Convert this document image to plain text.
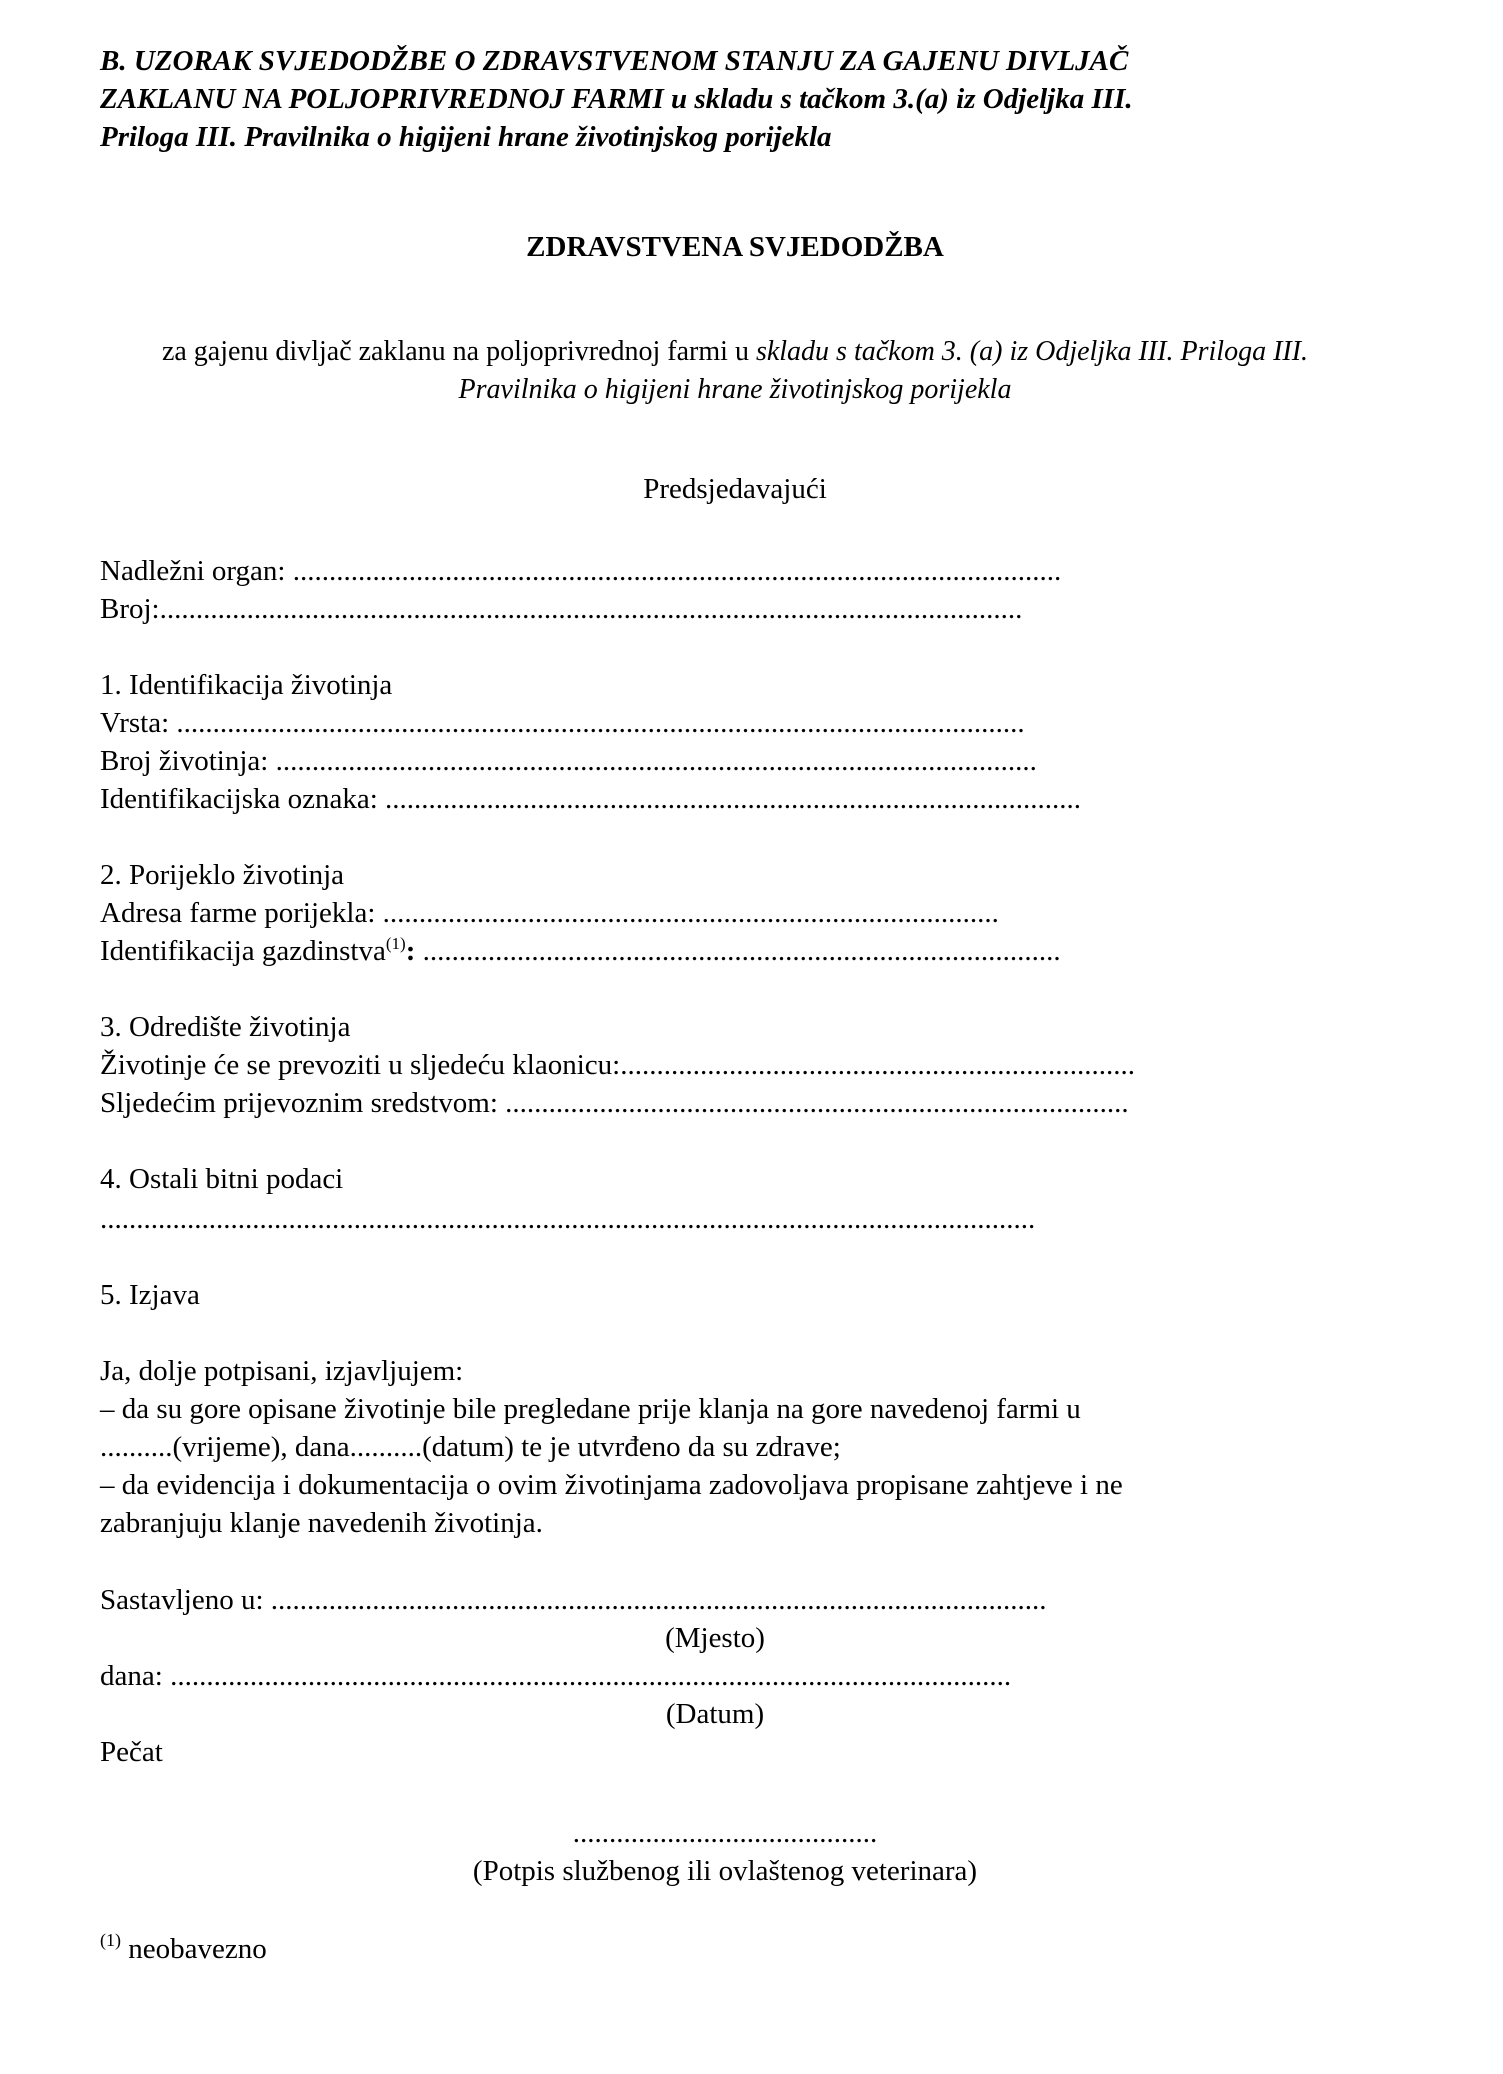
B. UZORAK SVJEDODŽBE O ZDRAVSTVENOM STANJU ZA GAJENU DIVLJAČ
ZAKLANU NA POLJOPRIVREDNOJ FARMI u skladu s tačkom 3.(a) iz Odjeljka III.
Priloga III. Pravilnika o higijeni hrane životinjskog porijekla
ZDRAVSTVENA SVJEDODŽBA
za gajenu divljač zaklanu na poljoprivrednoj farmi u skladu s tačkom 3. (a) iz Odjeljka III. Priloga III.
Pravilnika o higijeni hrane životinjskog porijekla
Predsjedavajući
Nadležni organ: ..........................................................................................................
Broj:.......................................................................................................................
1. Identifikacija životinja
Vrsta: .....................................................................................................................
Broj životinja: .........................................................................................................
Identifikacijska oznaka: ................................................................................................
2. Porijeklo životinja
Adresa farme porijekla: .....................................................................................
Identifikacija gazdinstva$^{(1)}$: ........................................................................................
3. Odredište životinja
Životinje će se prevoziti u sljedeću klaonicu:.......................................................................
Sljedećim prijevoznim sredstvom: ......................................................................................
4. Ostali bitni podaci
.................................................................................................................................
5. Izjava
Ja, dolje potpisani, izjavljujem:
– da su gore opisane životinje bile pregledane prije klanja na gore navedenoj farmi u
..........(vrijeme), dana..........(datum) te je utvrđeno da su zdrave;
– da evidencija i dokumentacija o ovim životinjama zadovoljava propisane zahtjeve i ne
zabranjuju klanje navedenih životinja.
Sastavljeno u: ...........................................................................................................
(Mjesto)
dana: ....................................................................................................................
(Datum)
Pečat
..........................................
(Potpis službenog ili ovlaštenog veterinara)
$^{(1)}$ neobavezno
